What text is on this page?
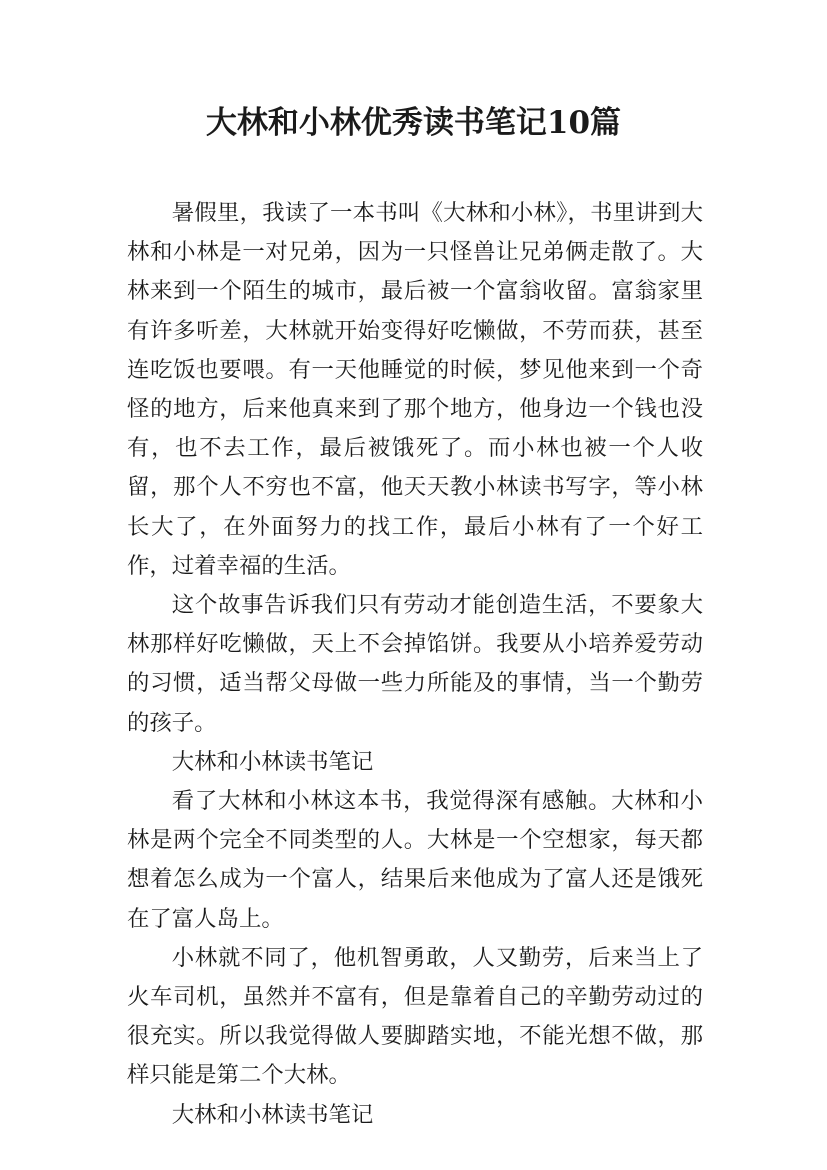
大林和小林优秀读书笔记10篇

暑假里，我读了一本书叫《大林和小林》，书里讲到大林和小林是一对兄弟，因为一只怪兽让兄弟俩走散了。大林来到一个陌生的城市，最后被一个富翁收留。富翁家里有许多听差，大林就开始变得好吃懒做，不劳而获，甚至连吃饭也要喂。有一天他睡觉的时候，梦见他来到一个奇怪的地方，后来他真来到了那个地方，他身边一个钱也没有，也不去工作，最后被饿死了。而小林也被一个人收留，那个人不穷也不富，他天天教小林读书写字，等小林长大了，在外面努力的找工作，最后小林有了一个好工作，过着幸福的生活。

这个故事告诉我们只有劳动才能创造生活，不要象大林那样好吃懒做，天上不会掉馅饼。我要从小培养爱劳动的习惯，适当帮父母做一些力所能及的事情，当一个勤劳的孩子。

大林和小林读书笔记

看了大林和小林这本书，我觉得深有感触。大林和小林是两个完全不同类型的人。大林是一个空想家，每天都想着怎么成为一个富人，结果后来他成为了富人还是饿死在了富人岛上。

小林就不同了，他机智勇敢，人又勤劳，后来当上了火车司机，虽然并不富有，但是靠着自己的辛勤劳动过的很充实。所以我觉得做人要脚踏实地，不能光想不做，那样只能是第二个大林。

大林和小林读书笔记
